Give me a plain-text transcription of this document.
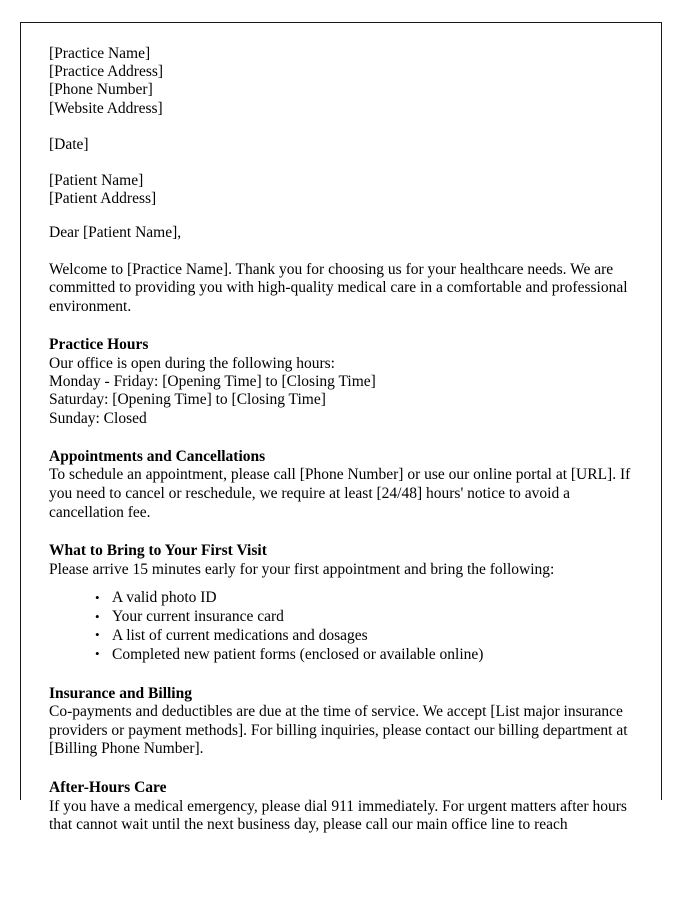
[Practice Name]
[Practice Address]
[Phone Number]
[Website Address]
[Date]
[Patient Name]
[Patient Address]
Dear [Patient Name],
Welcome to [Practice Name]. Thank you for choosing us for your healthcare needs. We are committed to providing you with high-quality medical care in a comfortable and professional environment.
Practice Hours
Our office is open during the following hours:
Monday - Friday: [Opening Time] to [Closing Time]
Saturday: [Opening Time] to [Closing Time]
Sunday: Closed
Appointments and Cancellations
To schedule an appointment, please call [Phone Number] or use our online portal at [URL]. If you need to cancel or reschedule, we require at least [24/48] hours' notice to avoid a cancellation fee.
What to Bring to Your First Visit
Please arrive 15 minutes early for your first appointment and bring the following:
• A valid photo ID
• Your current insurance card
• A list of current medications and dosages
• Completed new patient forms (enclosed or available online)
Insurance and Billing
Co-payments and deductibles are due at the time of service. We accept [List major insurance providers or payment methods]. For billing inquiries, please contact our billing department at [Billing Phone Number].
After-Hours Care
If you have a medical emergency, please dial 911 immediately. For urgent matters after hours that cannot wait until the next business day, please call our main office line to reach
